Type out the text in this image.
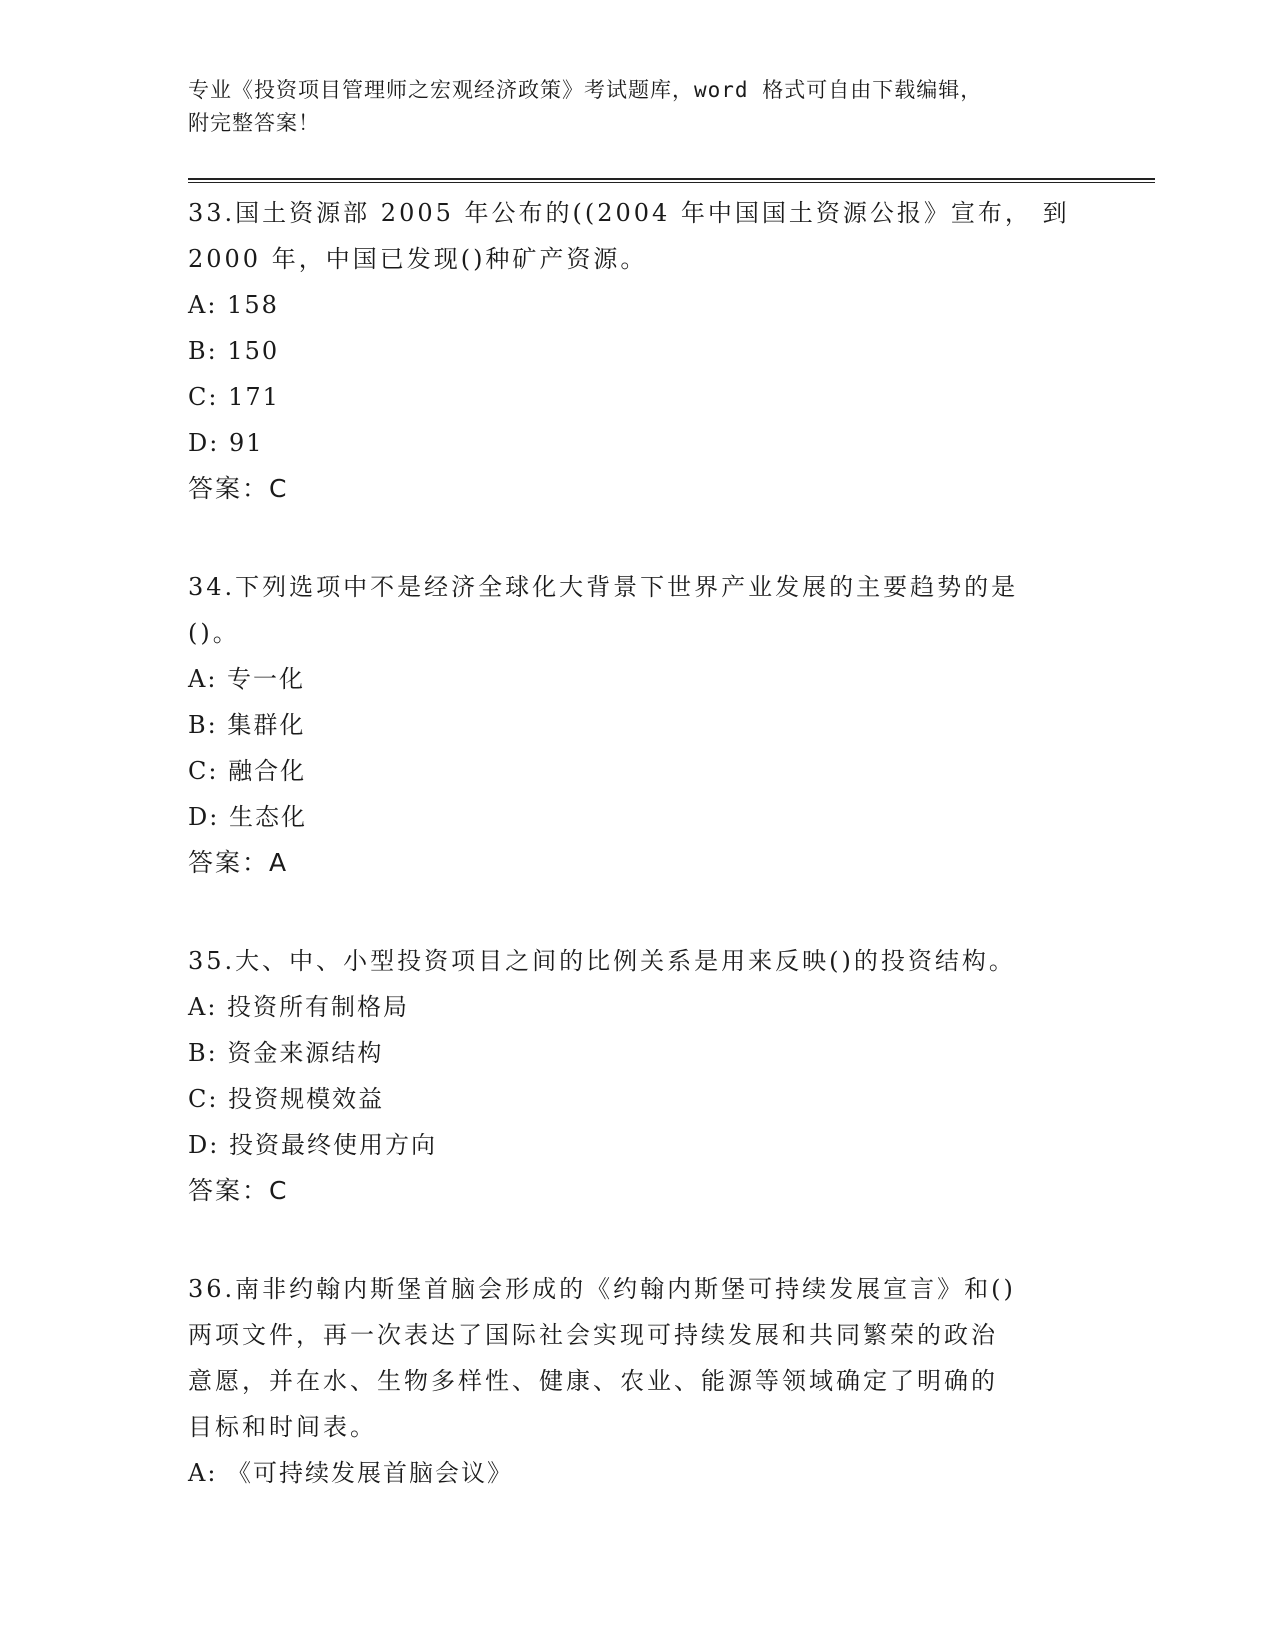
专业《投资项目管理师之宏观经济政策》考试题库，word 格式可自由下载编辑，
附完整答案！

33.国土资源部 2005 年公布的((2004 年中国国土资源公报》宣布， 到
2000 年，中国已发现()种矿产资源。

A: 158

B: 150

C: 171

D: 91

答案：C

34.下列选项中不是经济全球化大背景下世界产业发展的主要趋势的是
()。

A: 专一化

B: 集群化

C: 融合化

D: 生态化

答案：A

35.大、中、小型投资项目之间的比例关系是用来反映()的投资结构。

A: 投资所有制格局

B: 资金来源结构

C: 投资规模效益

D: 投资最终使用方向

答案：C

36.南非约翰内斯堡首脑会形成的《约翰内斯堡可持续发展宣言》和()
两项文件，再一次表达了国际社会实现可持续发展和共同繁荣的政治
意愿，并在水、生物多样性、健康、农业、能源等领域确定了明确的
目标和时间表。

A: 《可持续发展首脑会议》
